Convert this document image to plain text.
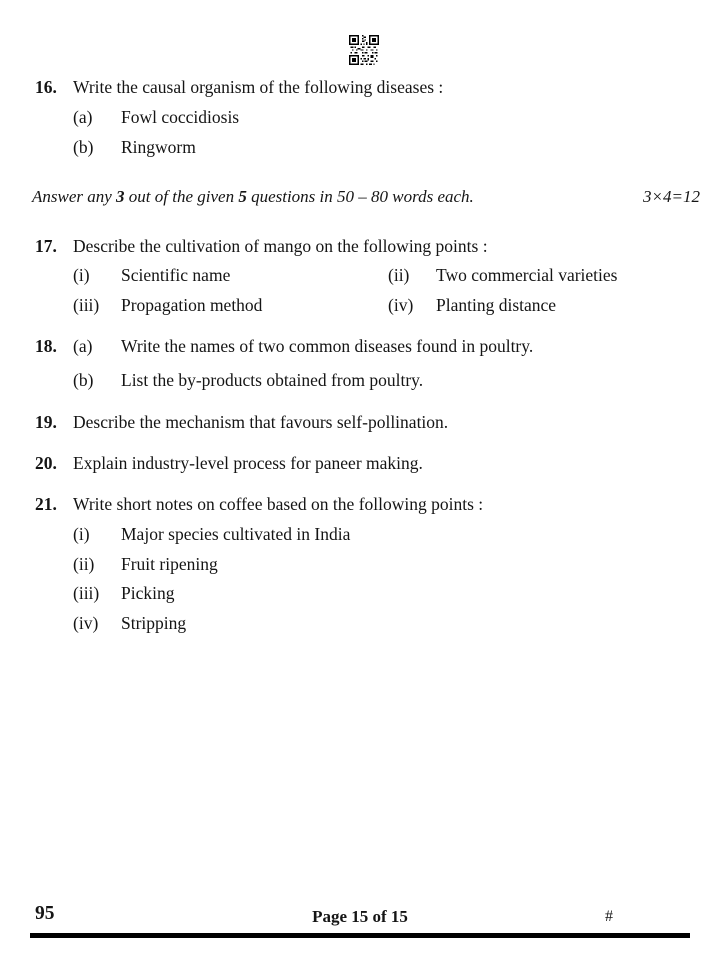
16. Write the causal organism of the following diseases :
(a)	Fowl coccidiosis
(b)	Ringworm
Answer any 3 out of the given 5 questions in 50 – 80 words each.	3×4=12
17. Describe the cultivation of mango on the following points :
(i)	Scientific name	(ii)	Two commercial varieties
(iii)	Propagation method	(iv)	Planting distance
18. (a)	Write the names of two common diseases found in poultry.
(b)	List the by-products obtained from poultry.
19. Describe the mechanism that favours self-pollination.
20. Explain industry-level process for paneer making.
21. Write short notes on coffee based on the following points :
(i)	Major species cultivated in India
(ii)	Fruit ripening
(iii)	Picking
(iv)	Stripping
95	Page 15 of 15	#
